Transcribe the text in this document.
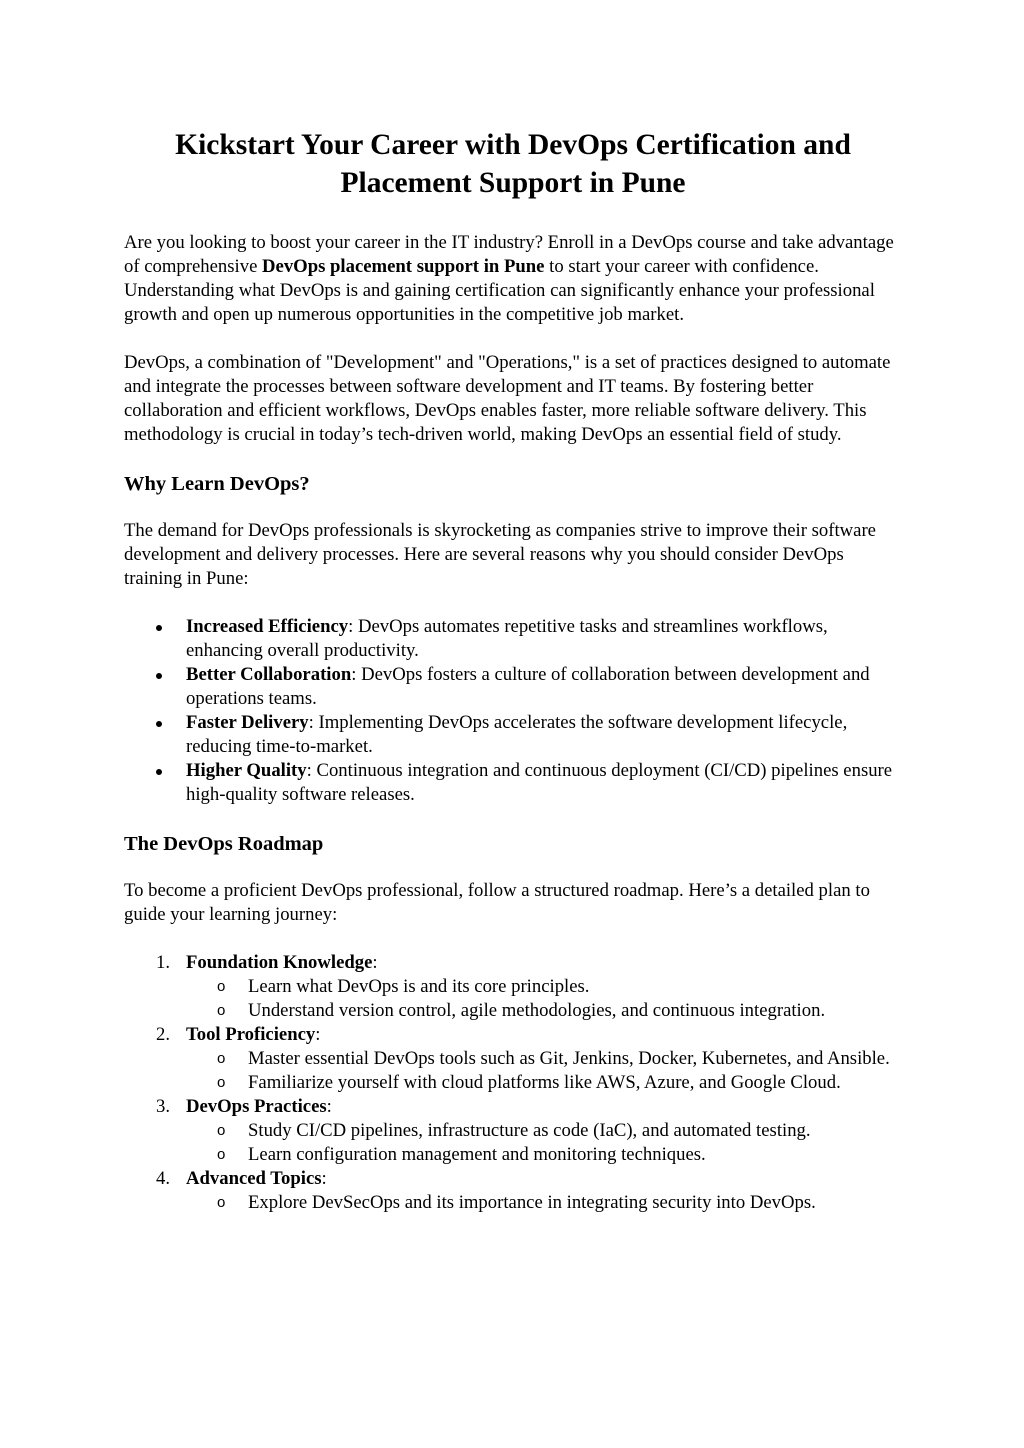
Kickstart Your Career with DevOps Certification and Placement Support in Pune

Are you looking to boost your career in the IT industry? Enroll in a DevOps course and take advantage of comprehensive DevOps placement support in Pune to start your career with confidence. Understanding what DevOps is and gaining certification can significantly enhance your professional growth and open up numerous opportunities in the competitive job market.

DevOps, a combination of "Development" and "Operations," is a set of practices designed to automate and integrate the processes between software development and IT teams. By fostering better collaboration and efficient workflows, DevOps enables faster, more reliable software delivery. This methodology is crucial in today’s tech-driven world, making DevOps an essential field of study.

Why Learn DevOps?

The demand for DevOps professionals is skyrocketing as companies strive to improve their software development and delivery processes. Here are several reasons why you should consider DevOps training in Pune:

Increased Efficiency: DevOps automates repetitive tasks and streamlines workflows, enhancing overall productivity.
Better Collaboration: DevOps fosters a culture of collaboration between development and operations teams.
Faster Delivery: Implementing DevOps accelerates the software development lifecycle, reducing time-to-market.
Higher Quality: Continuous integration and continuous deployment (CI/CD) pipelines ensure high-quality software releases.
The DevOps Roadmap

To become a proficient DevOps professional, follow a structured roadmap. Here’s a detailed plan to guide your learning journey:

1. Foundation Knowledge:
o Learn what DevOps is and its core principles.
o Understand version control, agile methodologies, and continuous integration.
2. Tool Proficiency:
o Master essential DevOps tools such as Git, Jenkins, Docker, Kubernetes, and Ansible.
o Familiarize yourself with cloud platforms like AWS, Azure, and Google Cloud.
3. DevOps Practices:
o Study CI/CD pipelines, infrastructure as code (IaC), and automated testing.
o Learn configuration management and monitoring techniques.
4. Advanced Topics:
o Explore DevSecOps and its importance in integrating security into DevOps.
